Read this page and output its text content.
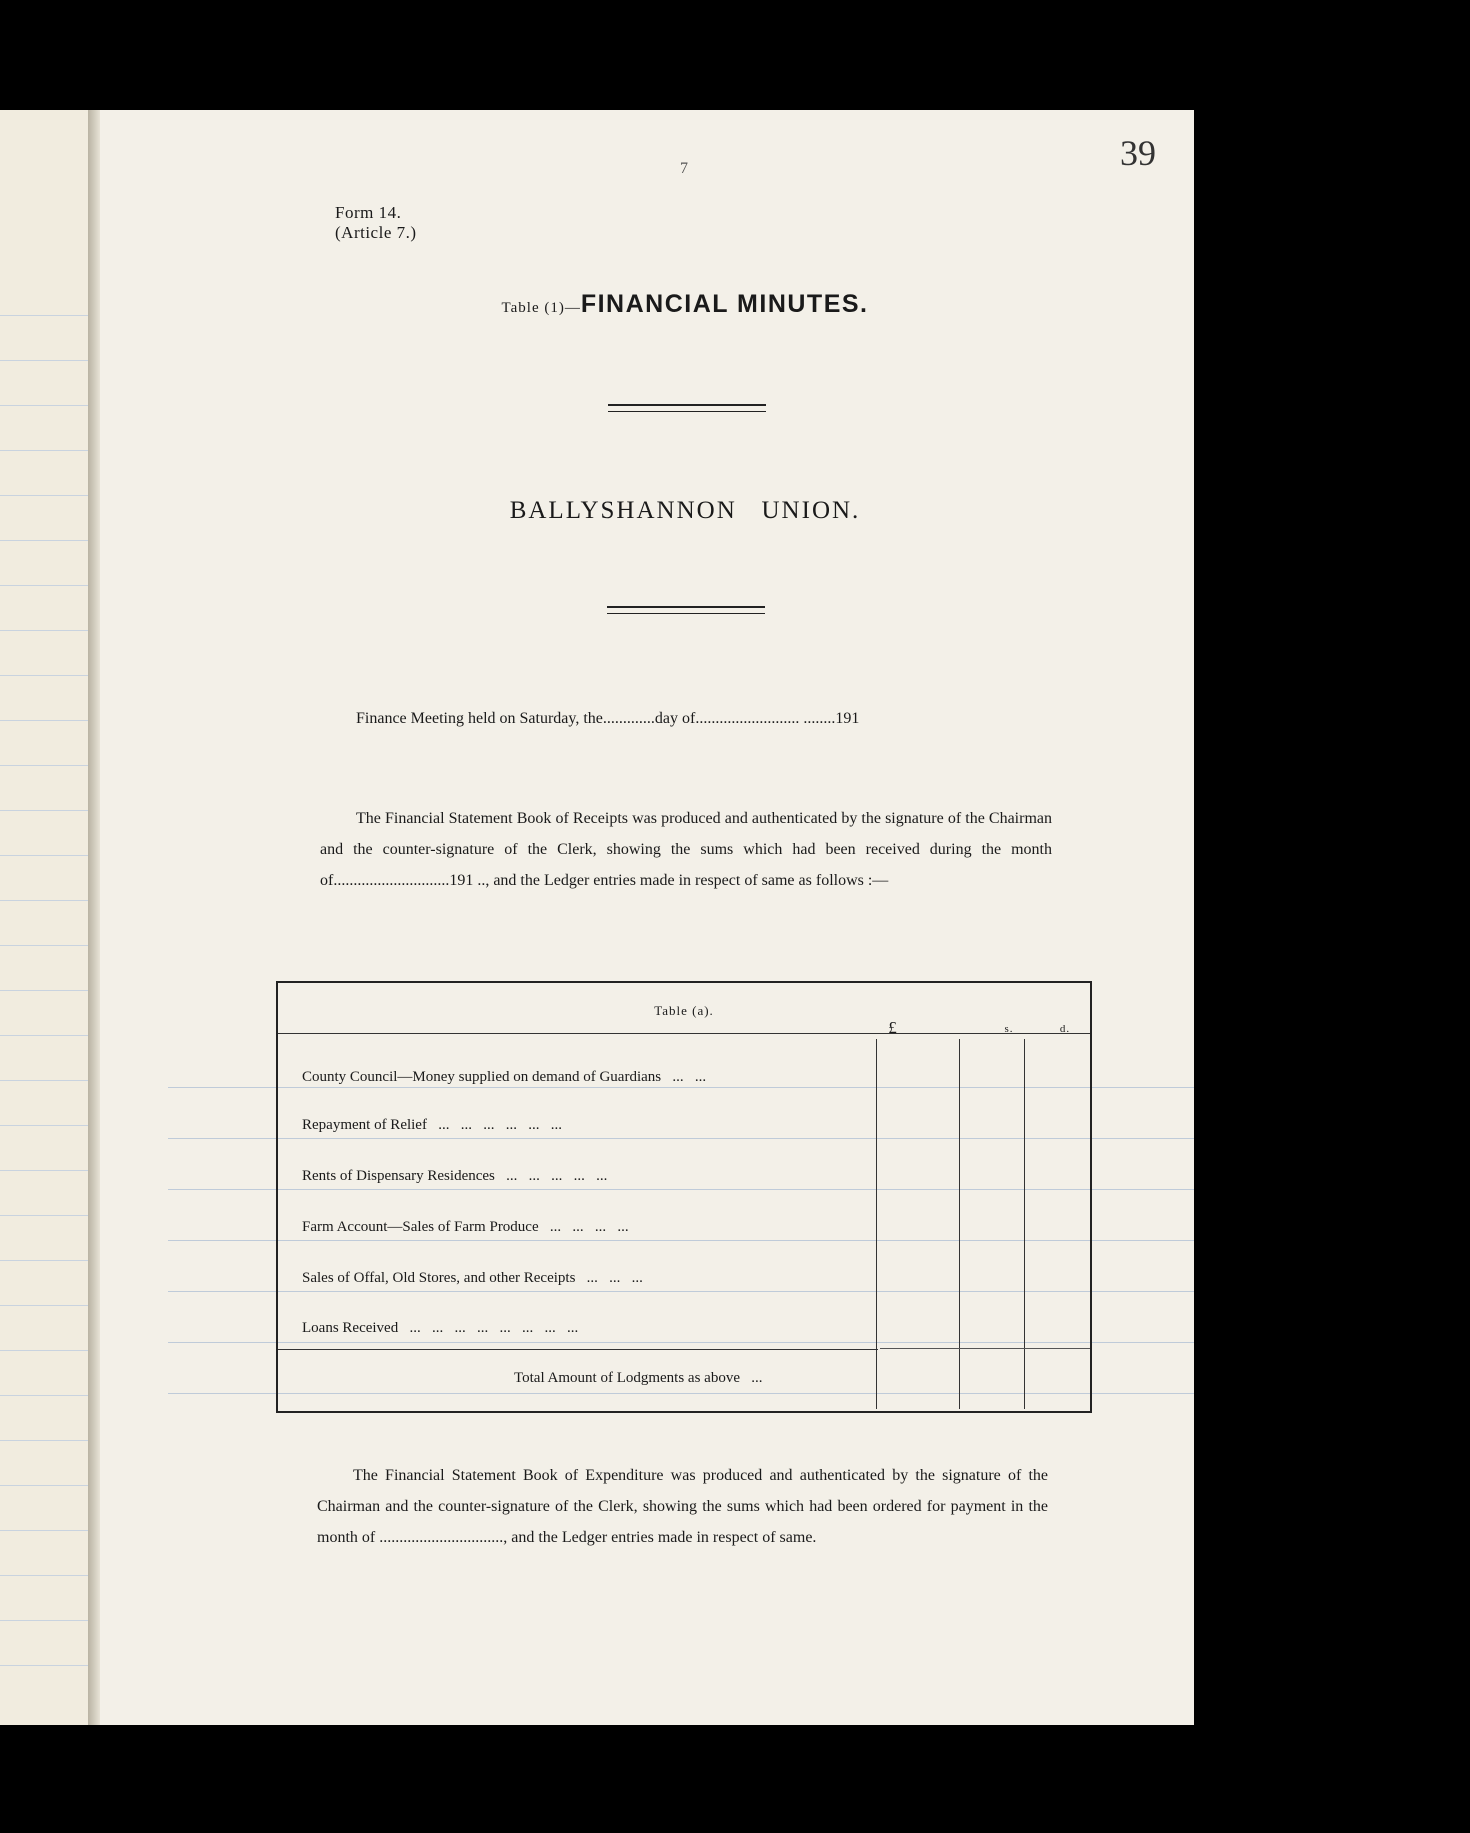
7	39
Form 14.
(Article 7.)
Table (1)—FINANCIAL MINUTES.
BALLYSHANNON   UNION.
Finance Meeting held on Saturday, the.............day of.......................... ........191
The Financial Statement Book of Receipts was produced and authenticated by the signature of the Chairman and the counter-signature of the Clerk, showing the sums which had been received during the month of.............................191 .., and the Ledger entries made in respect of same as follows :—
Table (a).
£	s.	d.
County Council—Money supplied on demand of Guardians   ...   ...
Repayment of Relief   ...   ...   ...   ...   ...   ...
Rents of Dispensary Residences   ...   ...   ...   ...   ...
Farm Account—Sales of Farm Produce   ...   ...   ...   ...
Sales of Offal, Old Stores, and other Receipts   ...   ...   ...
Loans Received   ...   ...   ...   ...   ...   ...   ...   ...
Total Amount of Lodgments as above   ...
The Financial Statement Book of Expenditure was produced and authenticated by the signature of the Chairman and the counter-signature of the Clerk, showing the sums which had been ordered for payment in the month of ..............................., and the Ledger entries made in respect of same.
